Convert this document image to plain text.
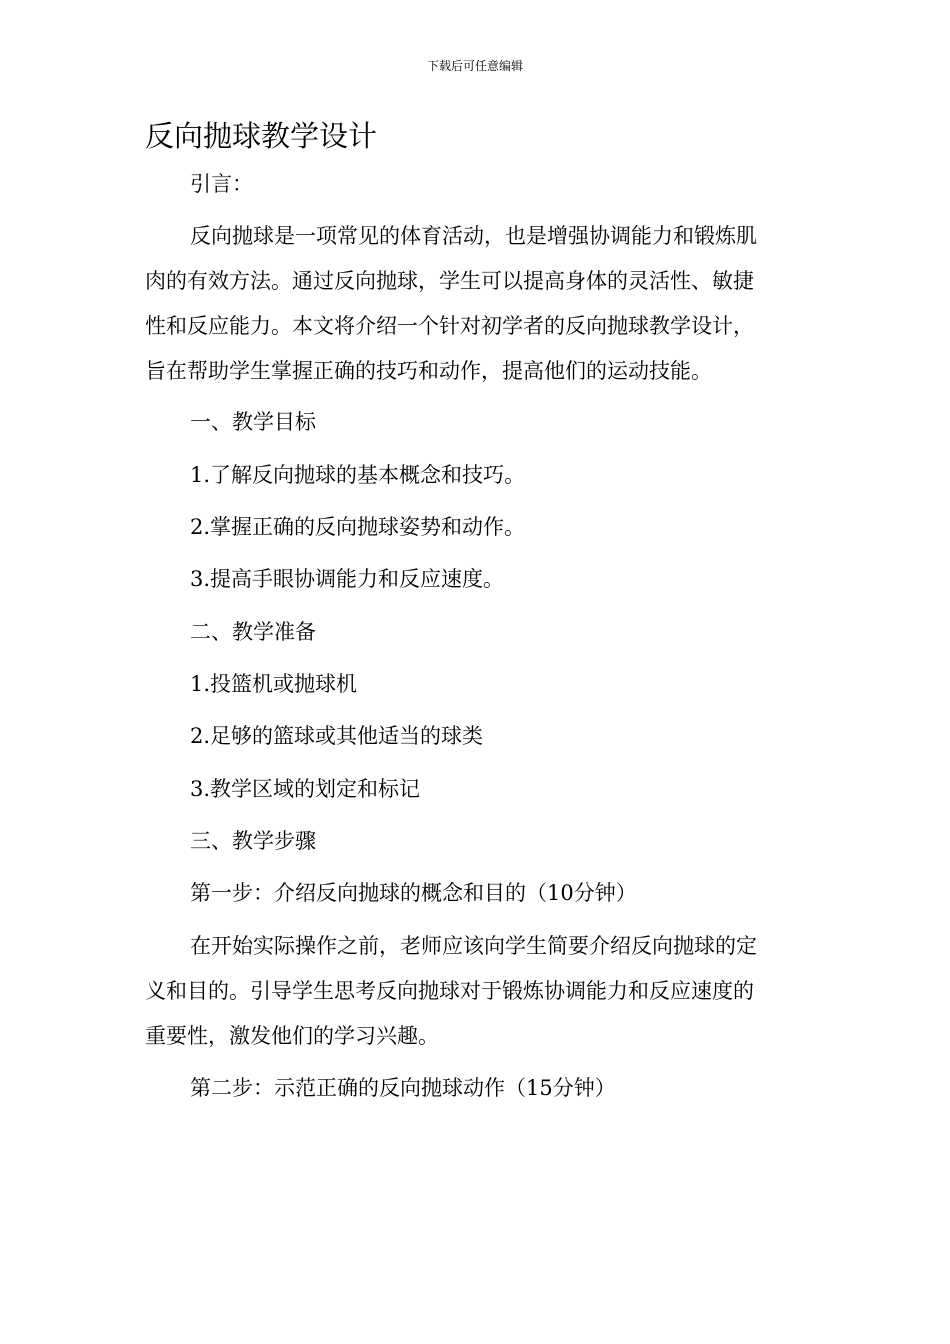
下载后可任意编辑
反向抛球教学设计
引言：
反向抛球是一项常见的体育活动，也是增强协调能力和锻炼肌
肉的有效方法。通过反向抛球，学生可以提高身体的灵活性、敏捷
性和反应能力。本文将介绍一个针对初学者的反向抛球教学设计，
旨在帮助学生掌握正确的技巧和动作，提高他们的运动技能。
一、教学目标
1.了解反向抛球的基本概念和技巧。
2.掌握正确的反向抛球姿势和动作。
3.提高手眼协调能力和反应速度。
二、教学准备
1.投篮机或抛球机
2.足够的篮球或其他适当的球类
3.教学区域的划定和标记
三、教学步骤
第一步：介绍反向抛球的概念和目的（10分钟）
在开始实际操作之前，老师应该向学生简要介绍反向抛球的定
义和目的。引导学生思考反向抛球对于锻炼协调能力和反应速度的
重要性，激发他们的学习兴趣。
第二步：示范正确的反向抛球动作（15分钟）
